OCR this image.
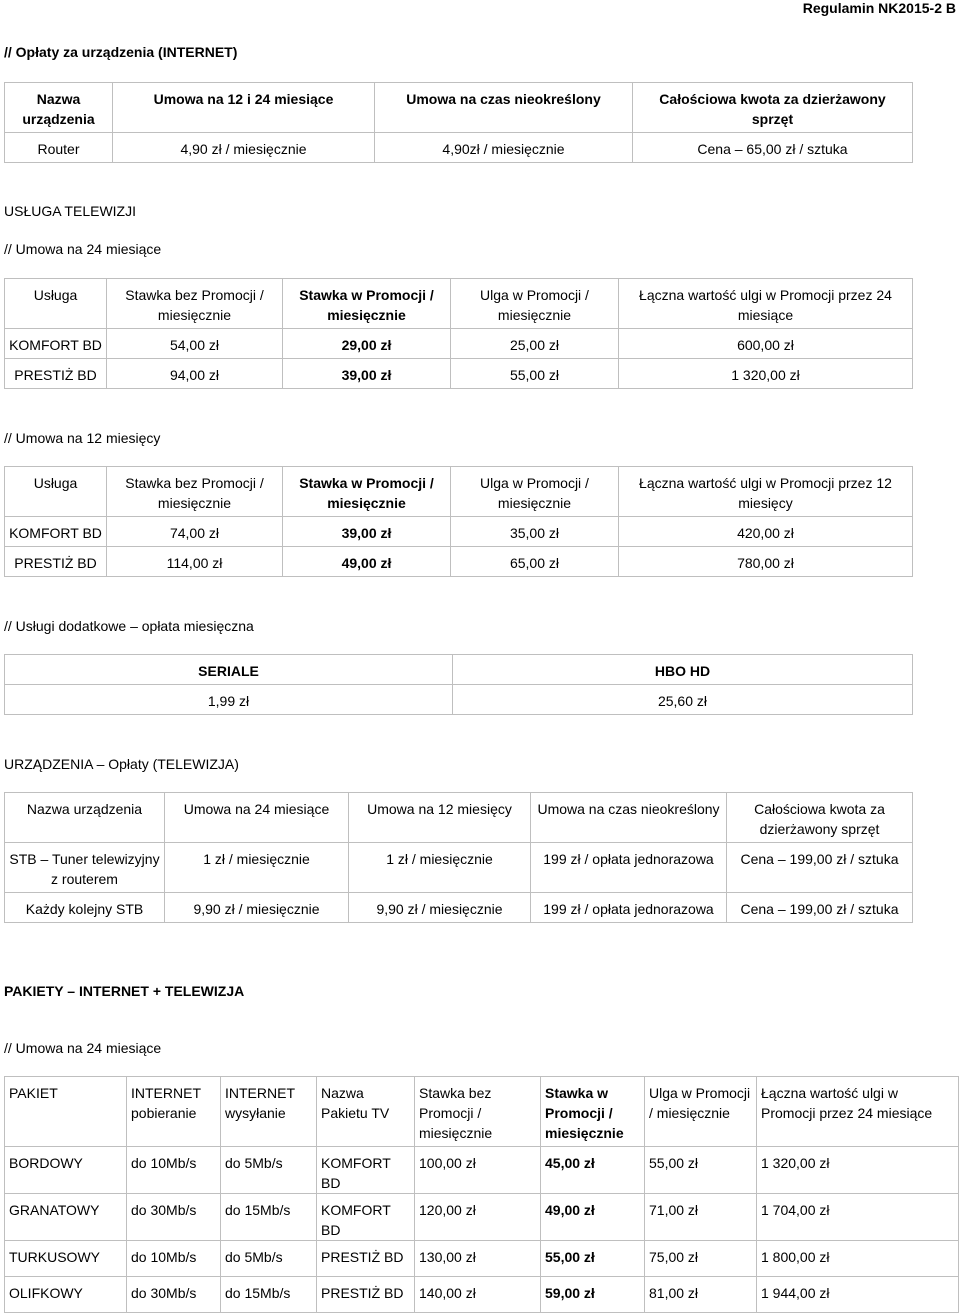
Regulamin NK2015-2 B
// Opłaty za urządzenia (INTERNET)
Nazwa urządzenia	Umowa na 12 i 24 miesiące	Umowa na czas nieokreślony	Całościowa kwota za dzierżawony sprzęt
Router	4,90 zł / miesięcznie	4,90zł / miesięcznie	Cena – 65,00 zł / sztuka
USŁUGA TELEWIZJI
// Umowa na 24 miesiące
Usługa	Stawka bez Promocji / miesięcznie	Stawka w Promocji / miesięcznie	Ulga w Promocji / miesięcznie	Łączna wartość ulgi w Promocji przez 24 miesiące
KOMFORT BD	54,00 zł	29,00 zł	25,00 zł	600,00 zł
PRESTIŻ BD	94,00 zł	39,00 zł	55,00 zł	1 320,00 zł
// Umowa na 12 miesięcy
Usługa	Stawka bez Promocji / miesięcznie	Stawka w Promocji / miesięcznie	Ulga w Promocji / miesięcznie	Łączna wartość ulgi w Promocji przez 12 miesięcy
KOMFORT BD	74,00 zł	39,00 zł	35,00 zł	420,00 zł
PRESTIŻ BD	114,00 zł	49,00 zł	65,00 zł	780,00 zł
// Usługi dodatkowe – opłata miesięczna
SERIALE	HBO HD
1,99 zł	25,60 zł
URZĄDZENIA – Opłaty (TELEWIZJA)
Nazwa urządzenia	Umowa na 24 miesiące	Umowa na 12 miesięcy	Umowa na czas nieokreślony	Całościowa kwota za dzierżawony sprzęt
STB – Tuner telewizyjny z routerem	1 zł / miesięcznie	1 zł / miesięcznie	199 zł / opłata jednorazowa	Cena – 199,00 zł / sztuka
Każdy kolejny STB	9,90 zł / miesięcznie	9,90 zł / miesięcznie	199 zł / opłata jednorazowa	Cena – 199,00 zł / sztuka
PAKIETY – INTERNET + TELEWIZJA
// Umowa na 24 miesiące
PAKIET	INTERNET pobieranie	INTERNET wysyłanie	Nazwa Pakietu TV	Stawka bez Promocji / miesięcznie	Stawka w Promocji / miesięcznie	Ulga w Promocji / miesięcznie	Łączna wartość ulgi w Promocji przez 24 miesiące
BORDOWY	do 10Mb/s	do 5Mb/s	KOMFORT BD	100,00 zł	45,00 zł	55,00 zł	1 320,00 zł
GRANATOWY	do 30Mb/s	do 15Mb/s	KOMFORT BD	120,00 zł	49,00 zł	71,00 zł	1 704,00 zł
TURKUSOWY	do 10Mb/s	do 5Mb/s	PRESTIŻ BD	130,00 zł	55,00 zł	75,00 zł	1 800,00 zł
OLIFKOWY	do 30Mb/s	do 15Mb/s	PRESTIŻ BD	140,00 zł	59,00 zł	81,00 zł	1 944,00 zł
